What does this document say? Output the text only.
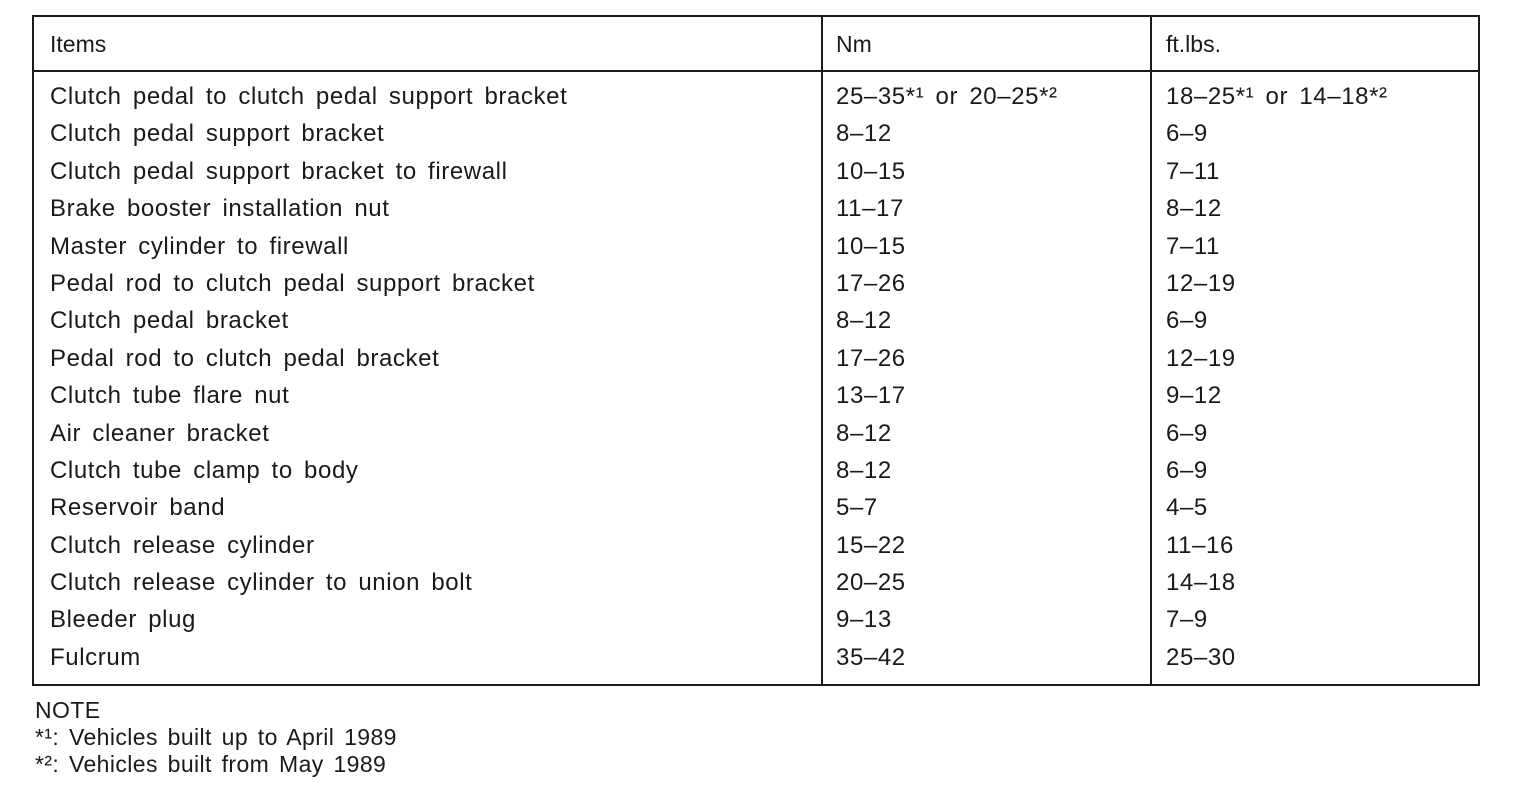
Items	Nm	ft.lbs.
Clutch pedal to clutch pedal support bracket	25–35*¹ or 20–25*²	18–25*¹ or 14–18*²
Clutch pedal support bracket	8–12	6–9
Clutch pedal support bracket to firewall	10–15	7–11
Brake booster installation nut	11–17	8–12
Master cylinder to firewall	10–15	7–11
Pedal rod to clutch pedal support bracket	17–26	12–19
Clutch pedal bracket	8–12	6–9
Pedal rod to clutch pedal bracket	17–26	12–19
Clutch tube flare nut	13–17	9–12
Air cleaner bracket	8–12	6–9
Clutch tube clamp to body	8–12	6–9
Reservoir band	5–7	4–5
Clutch release cylinder	15–22	11–16
Clutch release cylinder to union bolt	20–25	14–18
Bleeder plug	9–13	7–9
Fulcrum	35–42	25–30
NOTE
*¹: Vehicles built up to April 1989
*²: Vehicles built from May 1989
